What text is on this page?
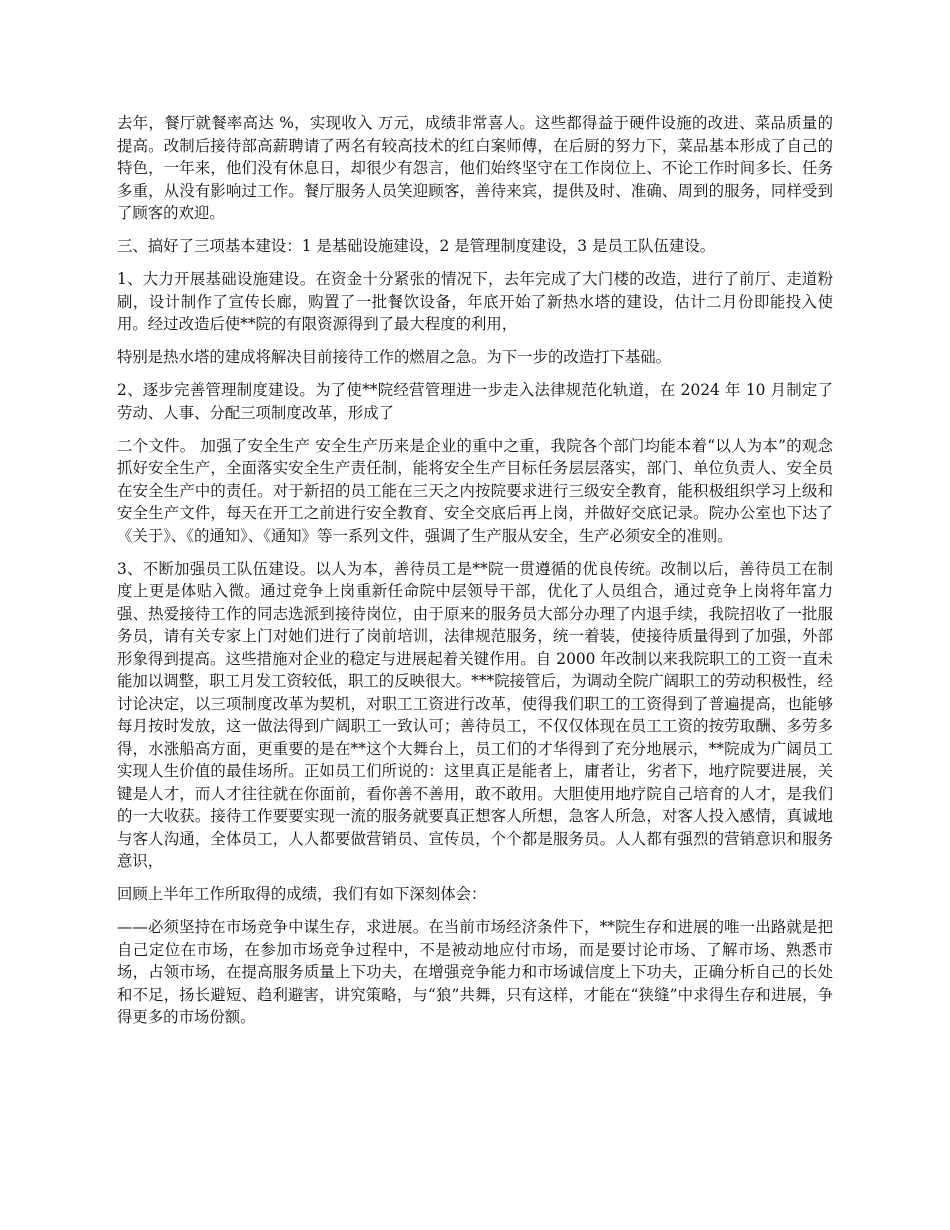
去年，餐厅就餐率高达 %，实现收入 万元，成绩非常喜人。这些都得益于硬件设施的改进、菜品质量的提高。改制后接待部高薪聘请了两名有较高技术的红白案师傅，在后厨的努力下，菜品基本形成了自己的特色，一年来，他们没有休息日，却很少有怨言，他们始终坚守在工作岗位上、不论工作时间多长、任务多重，从没有影响过工作。餐厅服务人员笑迎顾客，善待来宾，提供及时、准确、周到的服务，同样受到了顾客的欢迎。

三、搞好了三项基本建设：1 是基础设施建设，2 是管理制度建设，3 是员工队伍建设。

1、大力开展基础设施建设。在资金十分紧张的情况下，去年完成了大门楼的改造，进行了前厅、走道粉刷，设计制作了宣传长廊，购置了一批餐饮设备，年底开始了新热水塔的建设，估计二月份即能投入使用。经过改造后使**院的有限资源得到了最大程度的利用，

特别是热水塔的建成将解决目前接待工作的燃眉之急。为下一步的改造打下基础。

2、逐步完善管理制度建设。为了使**院经营管理进一步走入法律规范化轨道，在 2024 年 10 月制定了劳动、人事、分配三项制度改革，形成了

二个文件。 加强了安全生产 安全生产历来是企业的重中之重，我院各个部门均能本着“以人为本”的观念抓好安全生产，全面落实安全生产责任制，能将安全生产目标任务层层落实，部门、单位负责人、安全员在安全生产中的责任。对于新招的员工能在三天之内按院要求进行三级安全教育，能积极组织学习上级和安全生产文件，每天在开工之前进行安全教育、安全交底后再上岗，并做好交底记录。院办公室也下达了《关于》、《的通知》、《通知》等一系列文件，强调了生产服从安全，生产必须安全的准则。

3、不断加强员工队伍建设。以人为本，善待员工是**院一贯遵循的优良传统。改制以后，善待员工在制度上更是体贴入微。通过竞争上岗重新任命院中层领导干部，优化了人员组合，通过竞争上岗将年富力强、热爱接待工作的同志选派到接待岗位，由于原来的服务员大部分办理了内退手续，我院招收了一批服务员，请有关专家上门对她们进行了岗前培训，法律规范服务，统一着装，使接待质量得到了加强，外部形象得到提高。这些措施对企业的稳定与进展起着关键作用。自 2000 年改制以来我院职工的工资一直未能加以调整，职工月发工资较低，职工的反映很大。***院接管后，为调动全院广阔职工的劳动积极性，经讨论决定，以三项制度改革为契机，对职工工资进行改革，使得我们职工的工资得到了普遍提高，也能够每月按时发放，这一做法得到广阔职工一致认可；善待员工，不仅仅体现在员工工资的按劳取酬、多劳多得，水涨船高方面，更重要的是在**这个大舞台上，员工们的才华得到了充分地展示，**院成为广阔员工实现人生价值的最佳场所。正如员工们所说的：这里真正是能者上，庸者让，劣者下，地疗院要进展，关键是人才，而人才往往就在你面前，看你善不善用，敢不敢用。大胆使用地疗院自己培育的人才，是我们的一大收获。接待工作要要实现一流的服务就要真正想客人所想，急客人所急，对客人投入感情，真诚地与客人沟通，全体员工，人人都要做营销员、宣传员，个个都是服务员。人人都有强烈的营销意识和服务意识，

回顾上半年工作所取得的成绩，我们有如下深刻体会：

——必须坚持在市场竞争中谋生存，求进展。在当前市场经济条件下，**院生存和进展的唯一出路就是把自己定位在市场，在参加市场竞争过程中，不是被动地应付市场，而是要讨论市场、了解市场、熟悉市场，占领市场，在提高服务质量上下功夫，在增强竞争能力和市场诚信度上下功夫，正确分析自己的长处和不足，扬长避短、趋利避害，讲究策略，与“狼”共舞，只有这样，才能在“狭缝”中求得生存和进展，争得更多的市场份额。
